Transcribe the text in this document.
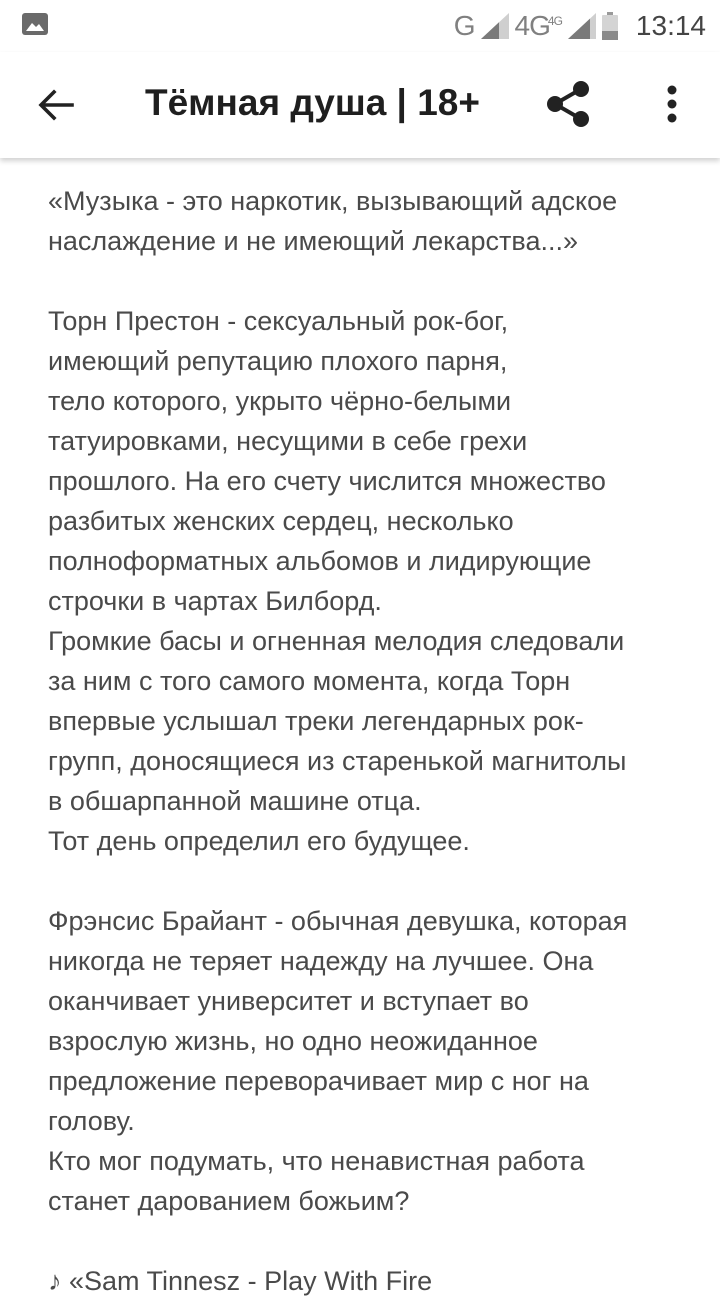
G $4G^{4G}$	13:14
Тёмная душа | 18+

«Музыка - это наркотик, вызывающий адское

наслаждение и не имеющий лекарства...»

Торн Престон - сексуальный рок-бог,

имеющий репутацию плохого парня,

тело которого, укрыто чёрно-белыми

татуировками, несущими в себе грехи

прошлого. На его счету числится множество

разбитых женских сердец, несколько

полноформатных альбомов и лидирующие

строчки в чартах Билборд.

Громкие басы и огненная мелодия следовали

за ним с того самого момента, когда Торн

впервые услышал треки легендарных рок-

групп, доносящиеся из старенькой магнитолы

в обшарпанной машине отца.

Тот день определил его будущее.

Фрэнсис Брайант - обычная девушка, которая

никогда не теряет надежду на лучшее. Она

оканчивает университет и вступает во

взрослую жизнь, но одно неожиданное

предложение переворачивает мир с ног на

голову.

Кто мог подумать, что ненавистная работа

станет дарованием божьим?

♪ «Sam Tinnesz - Play With Fire
